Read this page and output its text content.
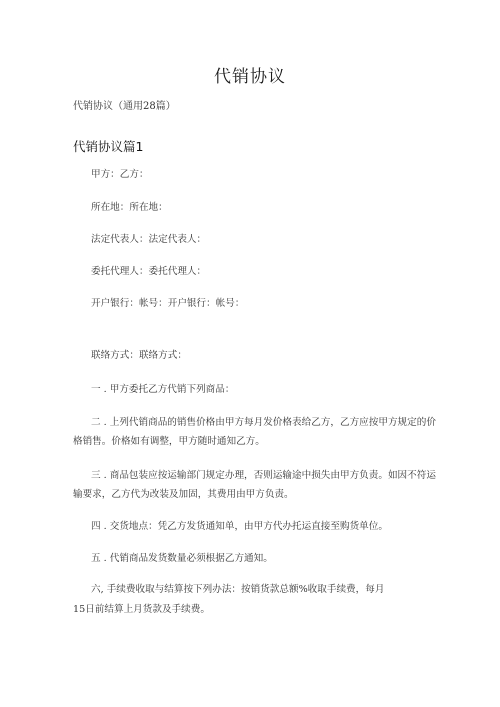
代销协议
代销协议（通用28篇）
代销协议篇1
甲方：乙方：
所在地：所在地：
法定代表人：法定代表人：
委托代理人：委托代理人：
开户银行：帐号：开户银行：帐号：
联络方式：联络方式：
一 . 甲方委托乙方代销下列商品：
二 . 上列代销商品的销售价格由甲方每月发价格表给乙方，乙方应按甲方规定的价
格销售。价格如有调整，甲方随时通知乙方。
三 . 商品包装应按运输部门规定办理，否则运输途中损失由甲方负责。如因不符运
输要求，乙方代为改装及加固，其费用由甲方负责。
四 . 交货地点：凭乙方发货通知单，由甲方代办托运直接至购货单位。
五 . 代销商品发货数量必须根据乙方通知。
六, 手续费收取与结算按下列办法：按销货款总额%收取手续费，每月
15日前结算上月货款及手续费。
